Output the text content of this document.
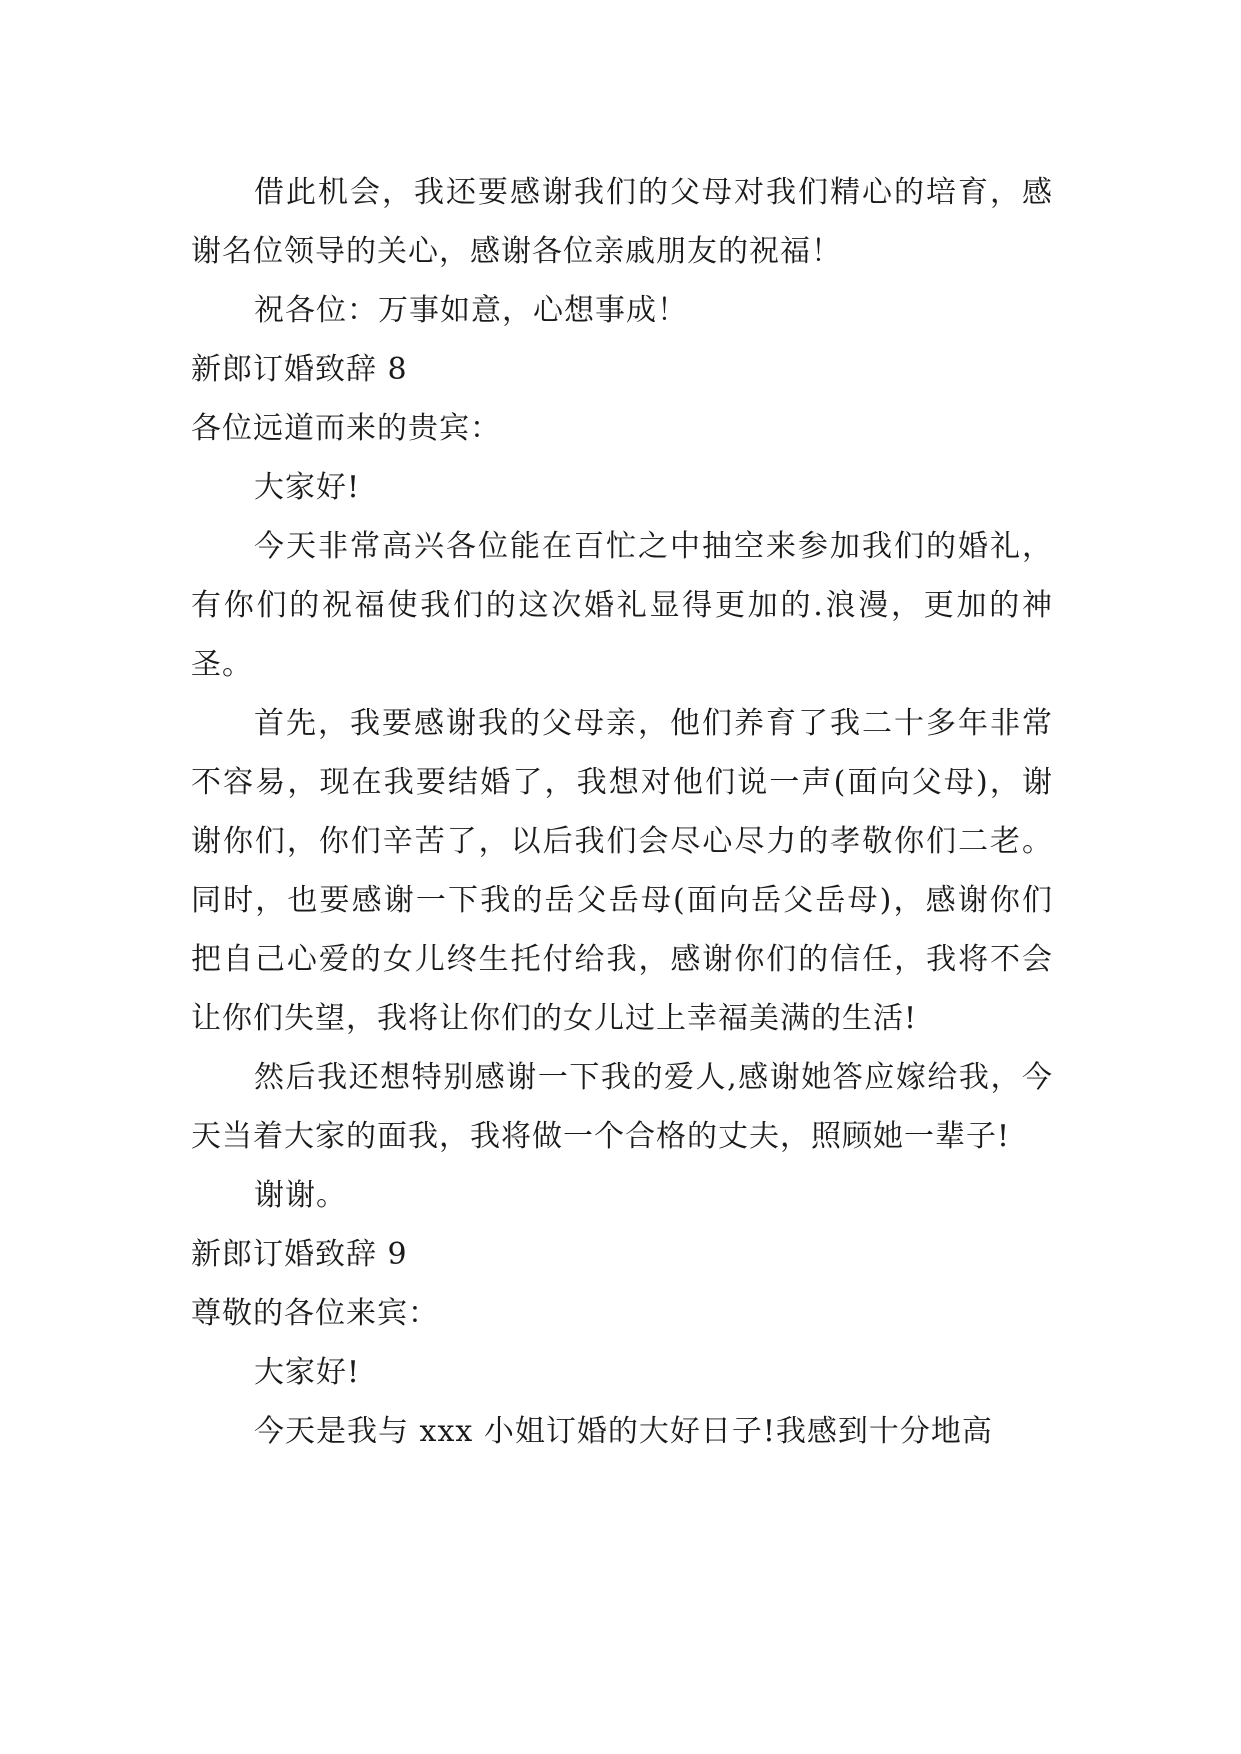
借此机会，我还要感谢我们的父母对我们精心的培育，感谢名位领导的关心，感谢各位亲戚朋友的祝福！

祝各位：万事如意，心想事成！

新郎订婚致辞 8

各位远道而来的贵宾：

大家好!

今天非常高兴各位能在百忙之中抽空来参加我们的婚礼，有你们的祝福使我们的这次婚礼显得更加的.浪漫，更加的神圣。

首先，我要感谢我的父母亲，他们养育了我二十多年非常不容易，现在我要结婚了，我想对他们说一声(面向父母)，谢谢你们，你们辛苦了，以后我们会尽心尽力的孝敬你们二老。同时，也要感谢一下我的岳父岳母(面向岳父岳母)，感谢你们把自己心爱的女儿终生托付给我，感谢你们的信任，我将不会让你们失望，我将让你们的女儿过上幸福美满的生活!

然后我还想特别感谢一下我的爱人,感谢她答应嫁给我，今天当着大家的面我，我将做一个合格的丈夫，照顾她一辈子!

谢谢。

新郎订婚致辞 9

尊敬的各位来宾：

大家好!

今天是我与 xxx 小姐订婚的大好日子!我感到十分地高
